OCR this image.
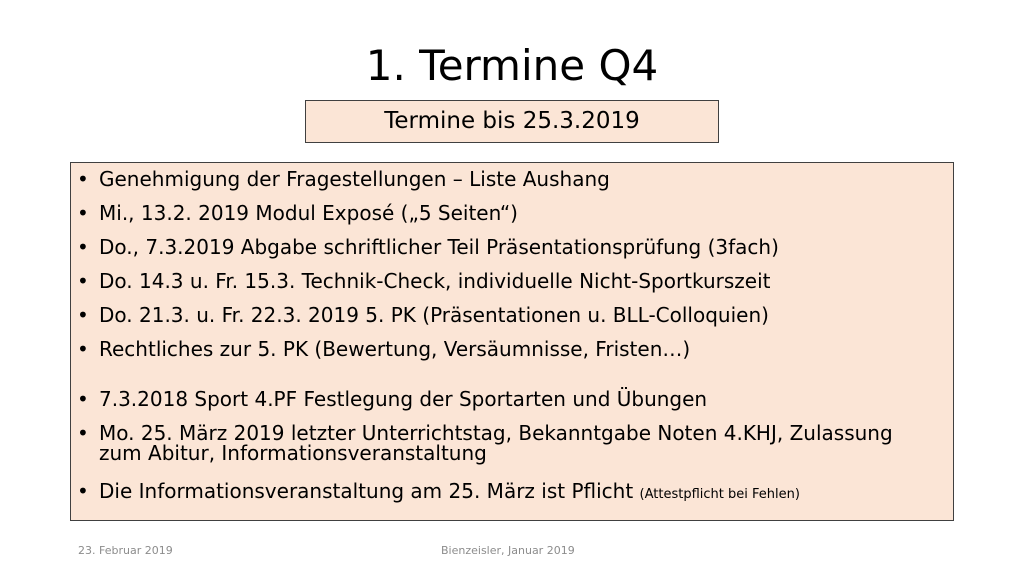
1. Termine Q4
Termine bis 25.3.2019
• Genehmigung der Fragestellungen – Liste Aushang
• Mi., 13.2. 2019 Modul Exposé („5 Seiten“)
• Do., 7.3.2019 Abgabe schriftlicher Teil Präsentationsprüfung (3fach)
• Do. 14.3 u. Fr. 15.3. Technik-Check, individuelle Nicht-Sportkurszeit
• Do. 21.3. u. Fr. 22.3. 2019 5. PK (Präsentationen u. BLL-Colloquien)
• Rechtliches zur 5. PK (Bewertung, Versäumnisse, Fristen…)
• 7.3.2018 Sport 4.PF Festlegung der Sportarten und Übungen
• Mo. 25. März 2019 letzter Unterrichtstag, Bekanntgabe Noten 4.KHJ, Zulassung zum Abitur, Informationsveranstaltung
• Die Informationsveranstaltung am 25. März ist Pflicht (Attestpflicht bei Fehlen)
23. Februar 2019	Bienzeisler, Januar 2019
